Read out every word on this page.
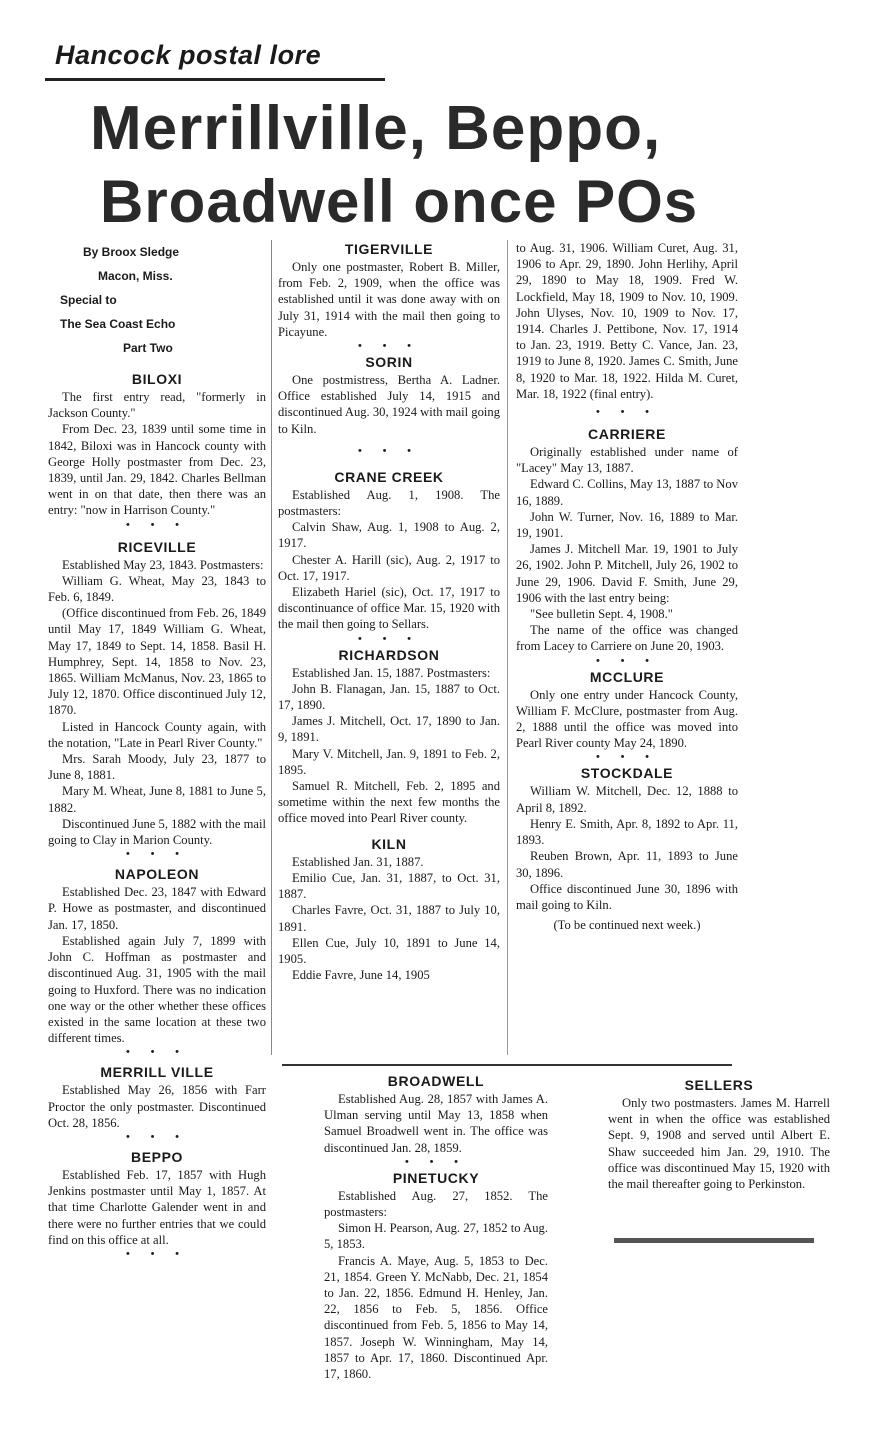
Hancock postal lore
Merrillville, Beppo,
Broadwell once POs

By Broox Sledge

Macon, Miss.

Special to

The Sea Coast Echo

Part Two

BILOXI

The first entry read, "formerly in Jackson County."

From Dec. 23, 1839 until some time in 1842, Biloxi was in Hancock county with George Holly postmaster from Dec. 23, 1839, until Jan. 29, 1842. Charles Bellman went in on that date, then there was an entry: "now in Harrison County."

• • •
RICEVILLE

Established May 23, 1843. Postmasters:

William G. Wheat, May 23, 1843 to Feb. 6, 1849.

(Office discontinued from Feb. 26, 1849 until May 17, 1849 William G. Wheat, May 17, 1849 to Sept. 14, 1858. Basil H. Humphrey, Sept. 14, 1858 to Nov. 23, 1865. William McManus, Nov. 23, 1865 to July 12, 1870. Office discontinued July 12, 1870.

Listed in Hancock County again, with the notation, "Late in Pearl River County."

Mrs. Sarah Moody, July 23, 1877 to June 8, 1881.

Mary M. Wheat, June 8, 1881 to June 5, 1882.

Discontinued June 5, 1882 with the mail going to Clay in Marion County.

• • •
NAPOLEON

Established Dec. 23, 1847 with Edward P. Howe as postmaster, and discontinued Jan. 17, 1850.

Established again July 7, 1899 with John C. Hoffman as postmaster and discontinued Aug. 31, 1905 with the mail going to Huxford. There was no indication one way or the other whether these offices existed in the same location at these two different times.

• • •
MERRILL VILLE

Established May 26, 1856 with Farr Proctor the only postmaster. Discontinued Oct. 28, 1856.

• • •
BEPPO

Established Feb. 17, 1857 with Hugh Jenkins postmaster until May 1, 1857. At that time Charlotte Galender went in and there were no further entries that we could find on this office at all.

• • •
TIGERVILLE

Only one postmaster, Robert B. Miller, from Feb. 2, 1909, when the office was established until it was done away with on July 31, 1914 with the mail then going to Picayune.

• • •
SORIN

One postmistress, Bertha A. Ladner. Office established July 14, 1915 and discontinued Aug. 30, 1924 with mail going to Kiln.

• • •
CRANE CREEK

Established Aug. 1, 1908. The postmasters:

Calvin Shaw, Aug. 1, 1908 to Aug. 2, 1917.

Chester A. Harill (sic), Aug. 2, 1917 to Oct. 17, 1917.

Elizabeth Hariel (sic), Oct. 17, 1917 to discontinuance of office Mar. 15, 1920 with the mail then going to Sellars.

• • •
RICHARDSON

Established Jan. 15, 1887. Postmasters:

John B. Flanagan, Jan. 15, 1887 to Oct. 17, 1890.

James J. Mitchell, Oct. 17, 1890 to Jan. 9, 1891.

Mary V. Mitchell, Jan. 9, 1891 to Feb. 2, 1895.

Samuel R. Mitchell, Feb. 2, 1895 and sometime within the next few months the office moved into Pearl River county.

KILN

Established Jan. 31, 1887.

Emilio Cue, Jan. 31, 1887, to Oct. 31, 1887.

Charles Favre, Oct. 31, 1887 to July 10, 1891.

Ellen Cue, July 10, 1891 to June 14, 1905.

Eddie Favre, June 14, 1905

to Aug. 31, 1906. William Curet, Aug. 31, 1906 to Apr. 29, 1890. John Herlihy, April 29, 1890 to May 18, 1909. Fred W. Lockfield, May 18, 1909 to Nov. 10, 1909. John Ulyses, Nov. 10, 1909 to Nov. 17, 1914. Charles J. Pettibone, Nov. 17, 1914 to Jan. 23, 1919. Betty C. Vance, Jan. 23, 1919 to June 8, 1920. James C. Smith, June 8, 1920 to Mar. 18, 1922. Hilda M. Curet, Mar. 18, 1922 (final entry).

• • •
CARRIERE

Originally established under name of "Lacey" May 13, 1887.

Edward C. Collins, May 13, 1887 to Nov 16, 1889.

John W. Turner, Nov. 16, 1889 to Mar. 19, 1901.

James J. Mitchell Mar. 19, 1901 to July 26, 1902. John P. Mitchell, July 26, 1902 to June 29, 1906. David F. Smith, June 29, 1906 with the last entry being:

"See bulletin Sept. 4, 1908."

The name of the office was changed from Lacey to Carriere on June 20, 1903.

• • •
MCCLURE

Only one entry under Hancock County, William F. McClure, postmaster from Aug. 2, 1888 until the office was moved into Pearl River county May 24, 1890.

• • •
STOCKDALE

William W. Mitchell, Dec. 12, 1888 to April 8, 1892.

Henry E. Smith, Apr. 8, 1892 to Apr. 11, 1893.

Reuben Brown, Apr. 11, 1893 to June 30, 1896.

Office discontinued June 30, 1896 with mail going to Kiln.

(To be continued next week.)

BROADWELL

Established Aug. 28, 1857 with James A. Ulman serving until May 13, 1858 when Samuel Broadwell went in. The office was discontinued Jan. 28, 1859.

• • •
PINETUCKY

Established Aug. 27, 1852. The postmasters:

Simon H. Pearson, Aug. 27, 1852 to Aug. 5, 1853.

Francis A. Maye, Aug. 5, 1853 to Dec. 21, 1854. Green Y. McNabb, Dec. 21, 1854 to Jan. 22, 1856. Edmund H. Henley, Jan. 22, 1856 to Feb. 5, 1856. Office discontinued from Feb. 5, 1856 to May 14, 1857. Joseph W. Winningham, May 14, 1857 to Apr. 17, 1860. Discontinued Apr. 17, 1860.

SELLERS

Only two postmasters. James M. Harrell went in when the office was established Sept. 9, 1908 and served until Albert E. Shaw succeeded him Jan. 29, 1910. The office was discontinued May 15, 1920 with the mail thereafter going to Perkinston.
